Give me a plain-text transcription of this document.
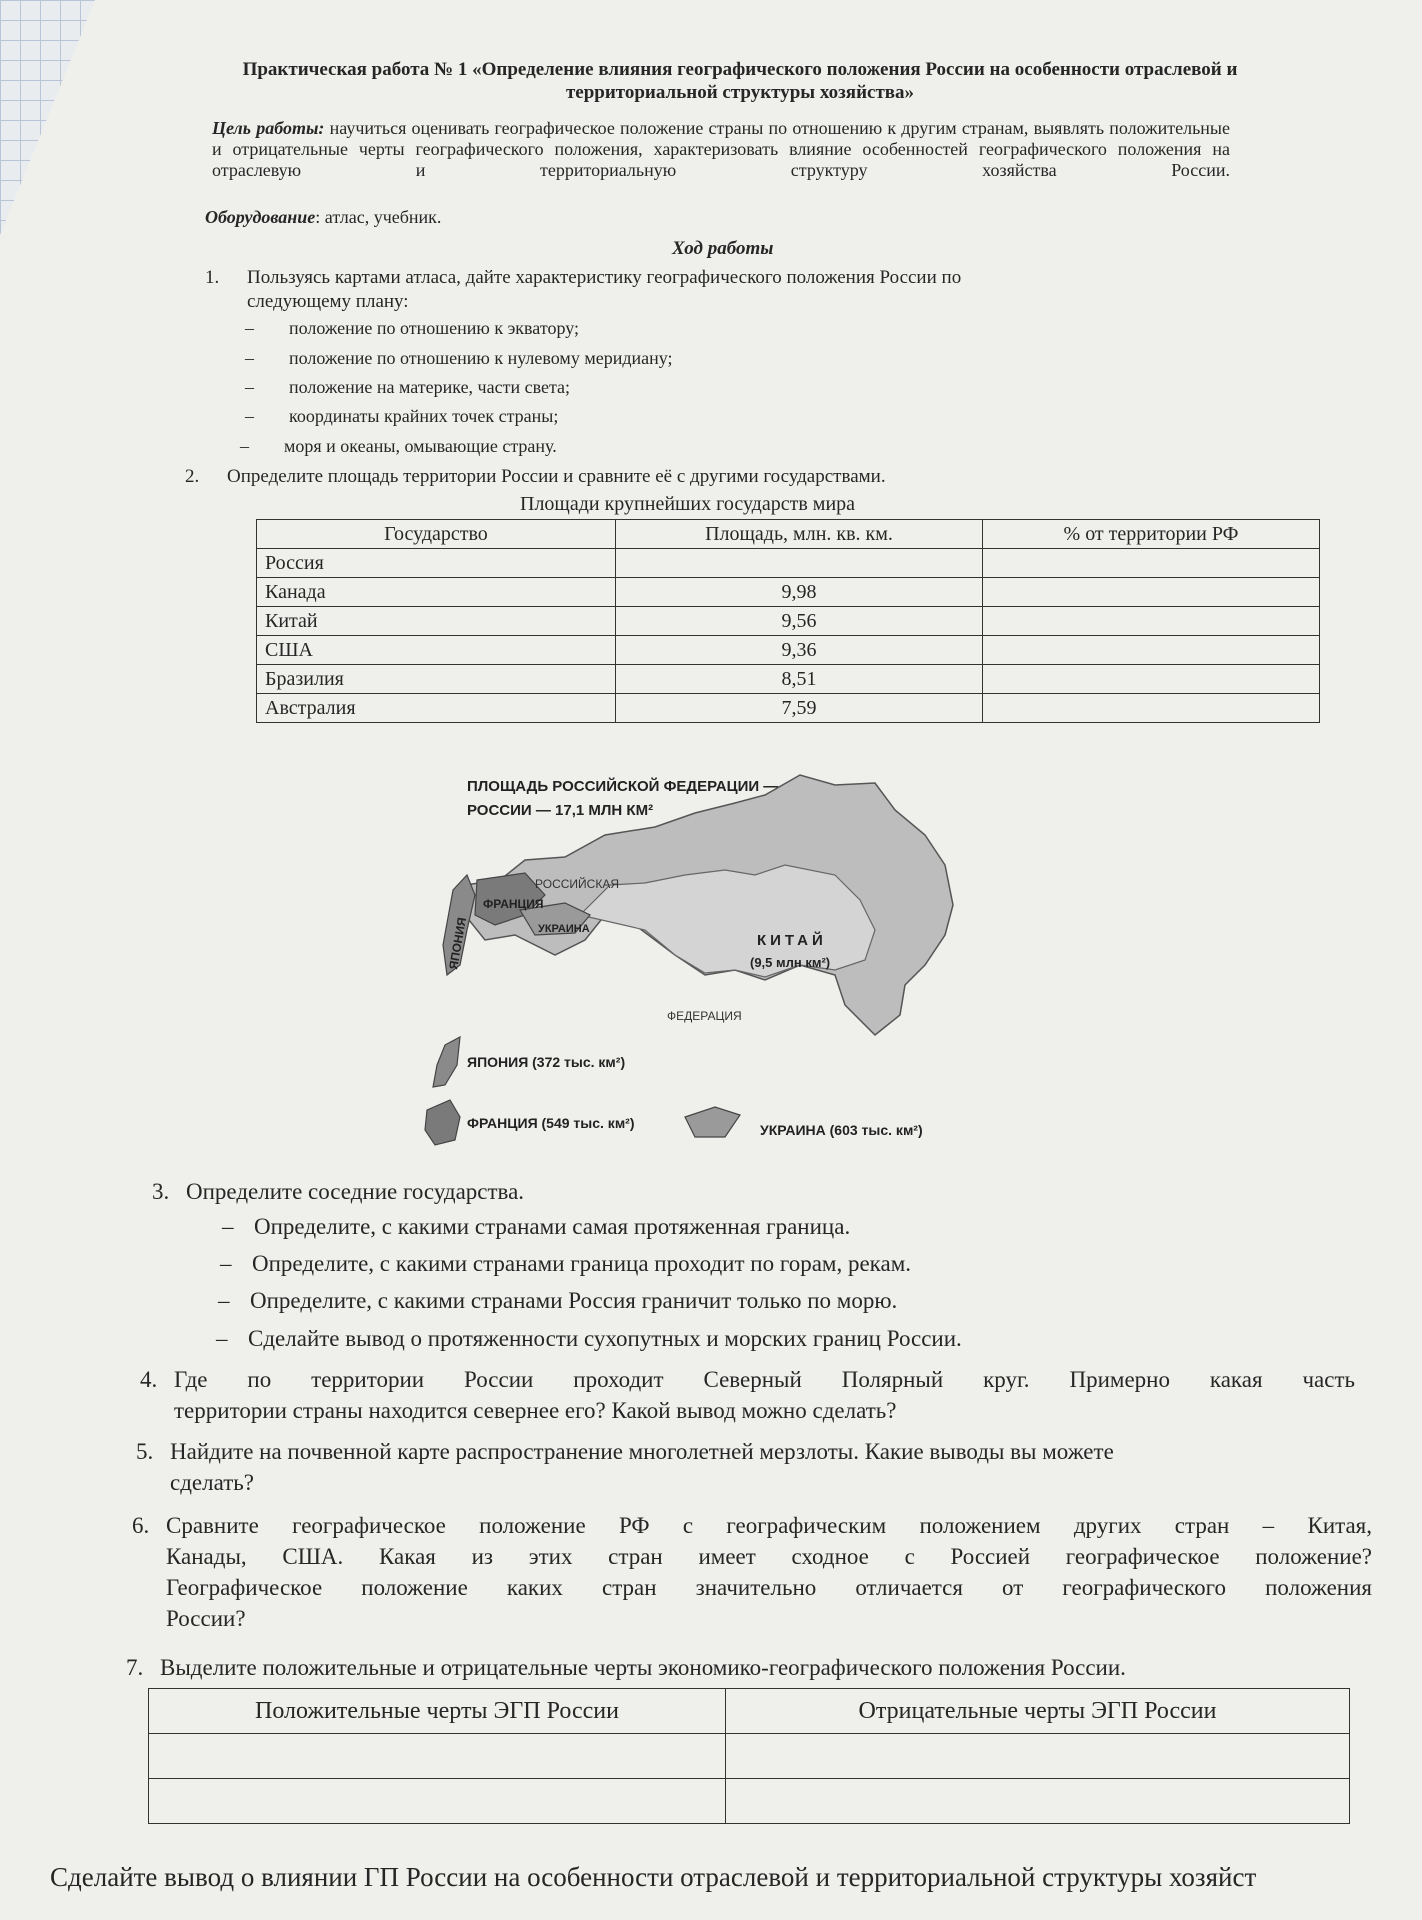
Практическая работа № 1 «Определение влияния географического положения России на особенности отраслевой и территориальной структуры хозяйства»
Цель работы: научиться оценивать географическое положение страны по отношению к другим странам, выявлять положительные и отрицательные черты географического положения, характеризовать влияние особенностей географического положения на отраслевую и территориальную структуру хозяйства России.
Оборудование: атлас, учебник.
Ход работы
1. Пользуясь картами атласа, дайте характеристику географического положения России по
следующему плану:
– положение по отношению к экватору;
– положение по отношению к нулевому меридиану;
– положение на материке, части света;
– координаты крайних точек страны;
– моря и океаны, омывающие страну.
2. Определите площадь территории России и сравните её с другими государствами.
Площади крупнейших государств мира
Государство	Площадь, млн. кв. км.	% от территории РФ
Россия		
Канада	9,98	
Китай	9,56	
США	9,36	
Бразилия	8,51	
Австралия	7,59	
ПЛОЩАДЬ РОССИЙСКОЙ ФЕДЕРАЦИИ —
РОССИИ — 17,1 МЛН КМ²
РОССИЙСКАЯ
ФЕДЕРАЦИЯ
ФРАНЦИЯ
УКРАИНА
ЯПОНИЯ	КИТАЙ
(9,5 млн км²)
ЯПОНИЯ (372 тыс. км²)
ФРАНЦИЯ (549 тыс. км²)	УКРАИНА (603 тыс. км²)
3. Определите соседние государства.
– Определите, с какими странами самая протяженная граница.
– Определите, с какими странами граница проходит по горам, рекам.
– Определите, с какими странами Россия граничит только по морю.
– Сделайте вывод о протяженности сухопутных и морских границ России.
4. Где по территории России проходит Северный Полярный круг. Примерно какая часть
территории страны находится севернее его? Какой вывод можно сделать?
5. Найдите на почвенной карте распространение многолетней мерзлоты. Какие выводы вы можете
сделать?
6. Сравните географическое положение РФ с географическим положением других стран – Китая,
Канады, США. Какая из этих стран имеет сходное с Россией географическое положение?
Географическое положение каких стран значительно отличается от географического положения
России?
7. Выделите положительные и отрицательные черты экономико-географического положения России.
Положительные черты ЭГП России	Отрицательные черты ЭГП России

Сделайте вывод о влиянии ГП России на особенности отраслевой и территориальной структуры хозяйст
